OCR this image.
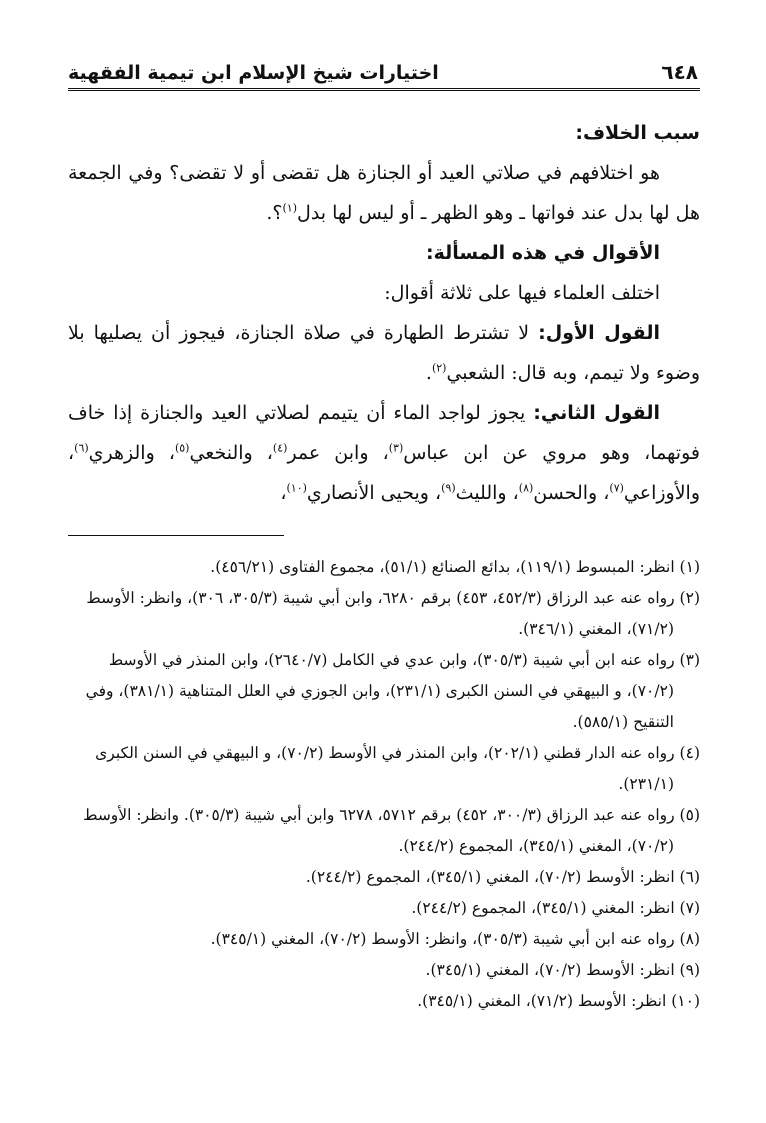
٦٤٨
اختيارات شيخ الإسلام ابن تيمية الفقهية

سبب الخلاف:

هو اختلافهم في صلاتي العيد أو الجنازة هل تقضى أو لا تقضى؟ وفي الجمعة هل لها بدل عند فواتها ـ وهو الظهر ـ أو ليس لها بدل$^{(١)}$؟.

الأقوال في هذه المسألة:

اختلف العلماء فيها على ثلاثة أقوال:

القول الأول: لا تشترط الطهارة في صلاة الجنازة، فيجوز أن يصليها بلا وضوء ولا تيمم، وبه قال: الشعبي$^{(٢)}$.

القول الثاني: يجوز لواجد الماء أن يتيمم لصلاتي العيد والجنازة إذا خاف فوتهما، وهو مروي عن ابن عباس$^{(٣)}$، وابن عمر$^{(٤)}$، والنخعي$^{(٥)}$، والزهري$^{(٦)}$، والأوزاعي$^{(٧)}$، والحسن$^{(٨)}$، والليث$^{(٩)}$، ويحيى الأنصاري$^{(١٠)}$،

(١) انظر: المبسوط (١١٩/١)، بدائع الصنائع (٥١/١)، مجموع الفتاوى (٤٥٦/٢١).

(٢) رواه عنه عبد الرزاق (٤٥٢/٣، ٤٥٣) برقم ٦٢٨٠، وابن أبي شيبة (٣٠٥/٣، ٣٠٦)، وانظر: الأوسط (٧١/٢)، المغني (٣٤٦/١).

(٣) رواه عنه ابن أبي شيبة (٣٠٥/٣)، وابن عدي في الكامل (٢٦٤٠/٧)، وابن المنذر في الأوسط (٧٠/٢)، و البيهقي في السنن الكبرى (٢٣١/١)، وابن الجوزي في العلل المتناهية (٣٨١/١)، وفي التنقيح (٥٨٥/١).

(٤) رواه عنه الدار قطني (٢٠٢/١)، وابن المنذر في الأوسط (٧٠/٢)، و البيهقي في السنن الكبرى (٢٣١/١).

(٥) رواه عنه عبد الرزاق (٣٠٠/٣، ٤٥٢) برقم ٥٧١٢، ٦٢٧٨ وابن أبي شيبة (٣٠٥/٣). وانظر: الأوسط (٧٠/٢)، المغني (٣٤٥/١)، المجموع (٢٤٤/٢).

(٦) انظر: الأوسط (٧٠/٢)، المغني (٣٤٥/١)، المجموع (٢٤٤/٢).

(٧) انظر: المغني (٣٤٥/١)، المجموع (٢٤٤/٢).

(٨) رواه عنه ابن أبي شيبة (٣٠٥/٣)، وانظر: الأوسط (٧٠/٢)، المغني (٣٤٥/١).

(٩) انظر: الأوسط (٧٠/٢)، المغني (٣٤٥/١).

(١٠) انظر: الأوسط (٧١/٢)، المغني (٣٤٥/١).
